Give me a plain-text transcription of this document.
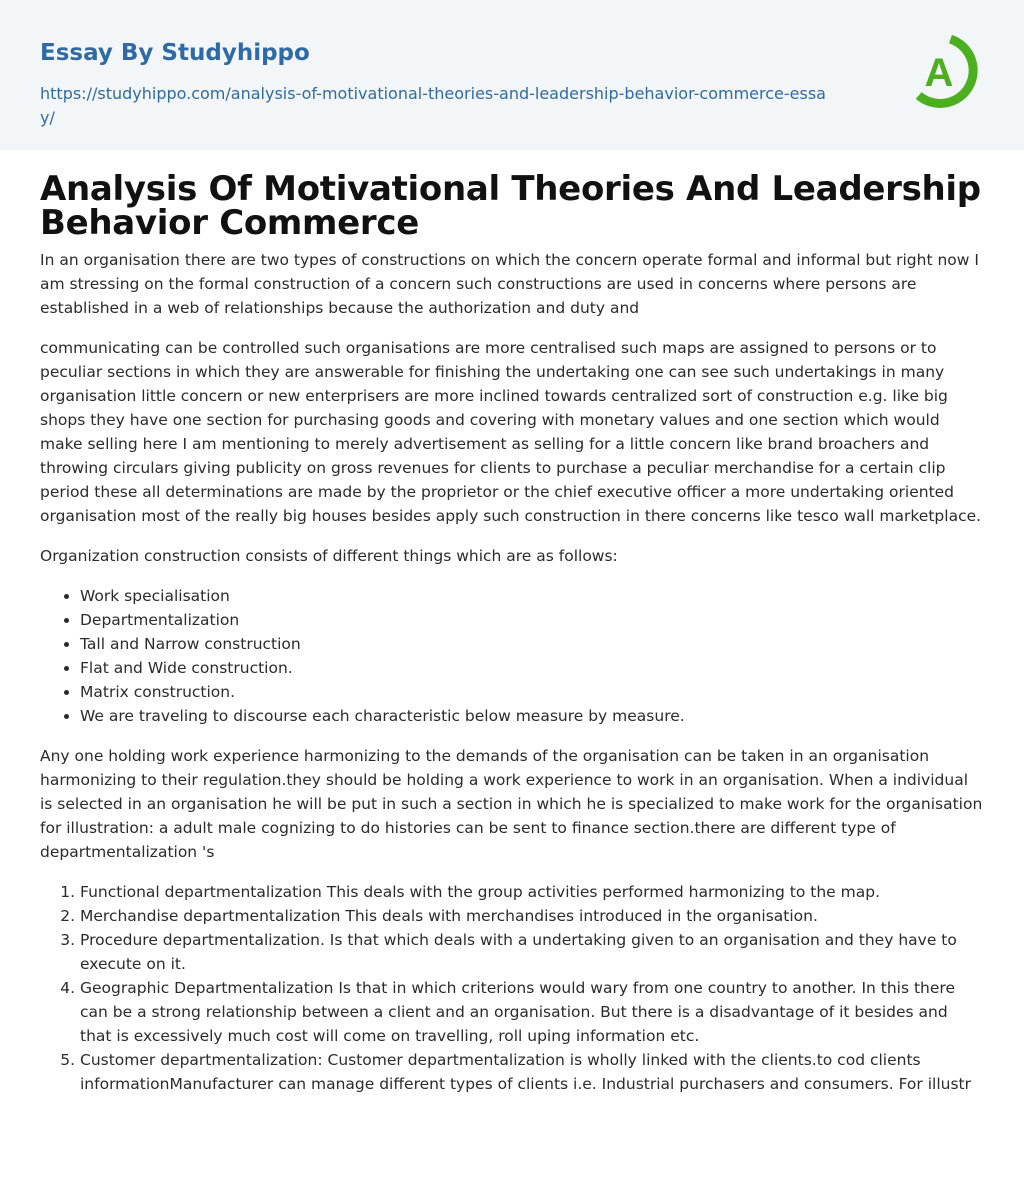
Essay By Studyhippo
https://studyhippo.com/analysis-of-motivational-theories-and-leadership-behavior-commerce-essay/
A
Analysis Of Motivational Theories And Leadership Behavior Commerce

In an organisation there are two types of constructions on which the concern operate formal and informal but right now I am stressing on the formal construction of a concern such constructions are used in concerns where persons are established in a web of relationships because the authorization and duty and

communicating can be controlled such organisations are more centralised such maps are assigned to persons or to peculiar sections in which they are answerable for finishing the undertaking one can see such undertakings in many organisation little concern or new enterprisers are more inclined towards centralized sort of construction e.g. like big shops they have one section for purchasing goods and covering with monetary values and one section which would make selling here I am mentioning to merely advertisement as selling for a little concern like brand broachers and throwing circulars giving publicity on gross revenues for clients to purchase a peculiar merchandise for a certain clip period these all determinations are made by the proprietor or the chief executive officer a more undertaking oriented organisation most of the really big houses besides apply such construction in there concerns like tesco wall marketplace.

Organization construction consists of different things which are as follows:

• Work specialisation
• Departmentalization
• Tall and Narrow construction
• Flat and Wide construction.
• Matrix construction.
• We are traveling to discourse each characteristic below measure by measure.

Any one holding work experience harmonizing to the demands of the organisation can be taken in an organisation harmonizing to their regulation.they should be holding a work experience to work in an organisation. When a individual is selected in an organisation he will be put in such a section in which he is specialized to make work for the organisation for illustration: a adult male cognizing to do histories can be sent to finance section.there are different type of departmentalization 's

1. Functional departmentalization This deals with the group activities performed harmonizing to the map.
2. Merchandise departmentalization This deals with merchandises introduced in the organisation.
3. Procedure departmentalization. Is that which deals with a undertaking given to an organisation and they have to execute on it.
4. Geographic Departmentalization Is that in which criterions would wary from one country to another. In this there can be a strong relationship between a client and an organisation. But there is a disadvantage of it besides and that is excessively much cost will come on travelling, roll uping information etc.
5. Customer departmentalization: Customer departmentalization is wholly linked with the clients.to cod clients informationManufacturer can manage different types of clients i.e. Industrial purchasers and consumers. For illustr
